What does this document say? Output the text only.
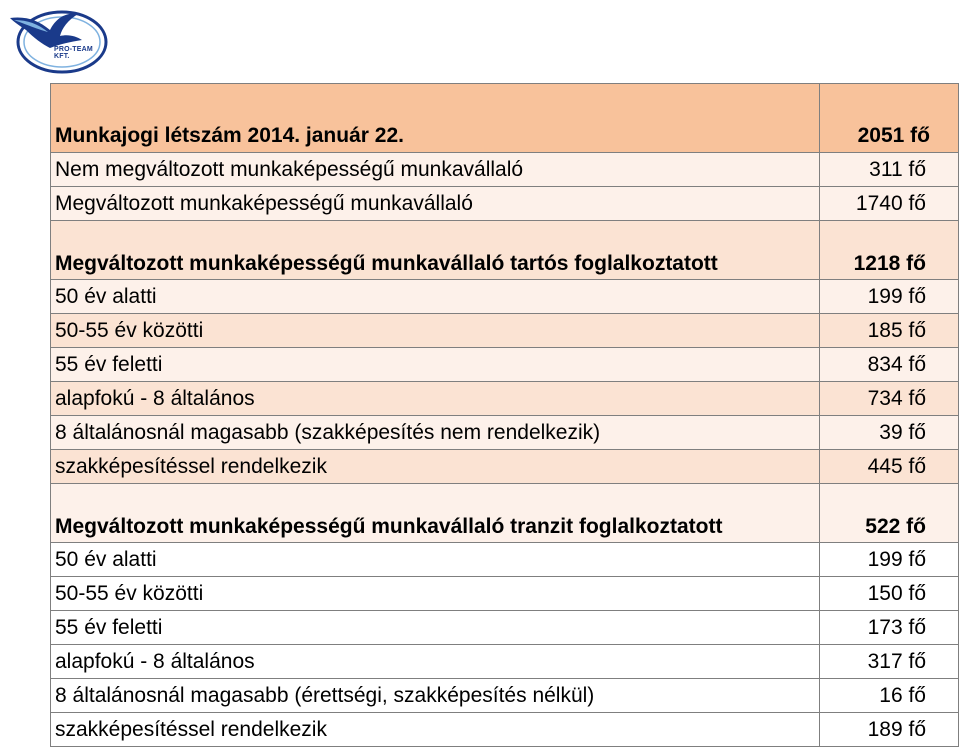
PRO-TEAM KFT.
Munkajogi létszám 2014. január 22.	2051 fő
Nem megváltozott munkaképességű munkavállaló	311 fő
Megváltozott munkaképességű munkavállaló	1740 fő
Megváltozott munkaképességű munkavállaló tartós foglalkoztatott	1218 fő
50 év alatti	199 fő
50-55 év közötti	185 fő
55 év feletti	834 fő
alapfokú - 8 általános	734 fő
8 általánosnál magasabb (szakképesítés nem rendelkezik)	39 fő
szakképesítéssel rendelkezik	445 fő
Megváltozott munkaképességű munkavállaló tranzit foglalkoztatott	522 fő
50 év alatti	199 fő
50-55 év közötti	150 fő
55 év feletti	173 fő
alapfokú - 8 általános	317 fő
8 általánosnál magasabb (érettségi, szakképesítés nélkül)	16 fő
szakképesítéssel rendelkezik	189 fő
